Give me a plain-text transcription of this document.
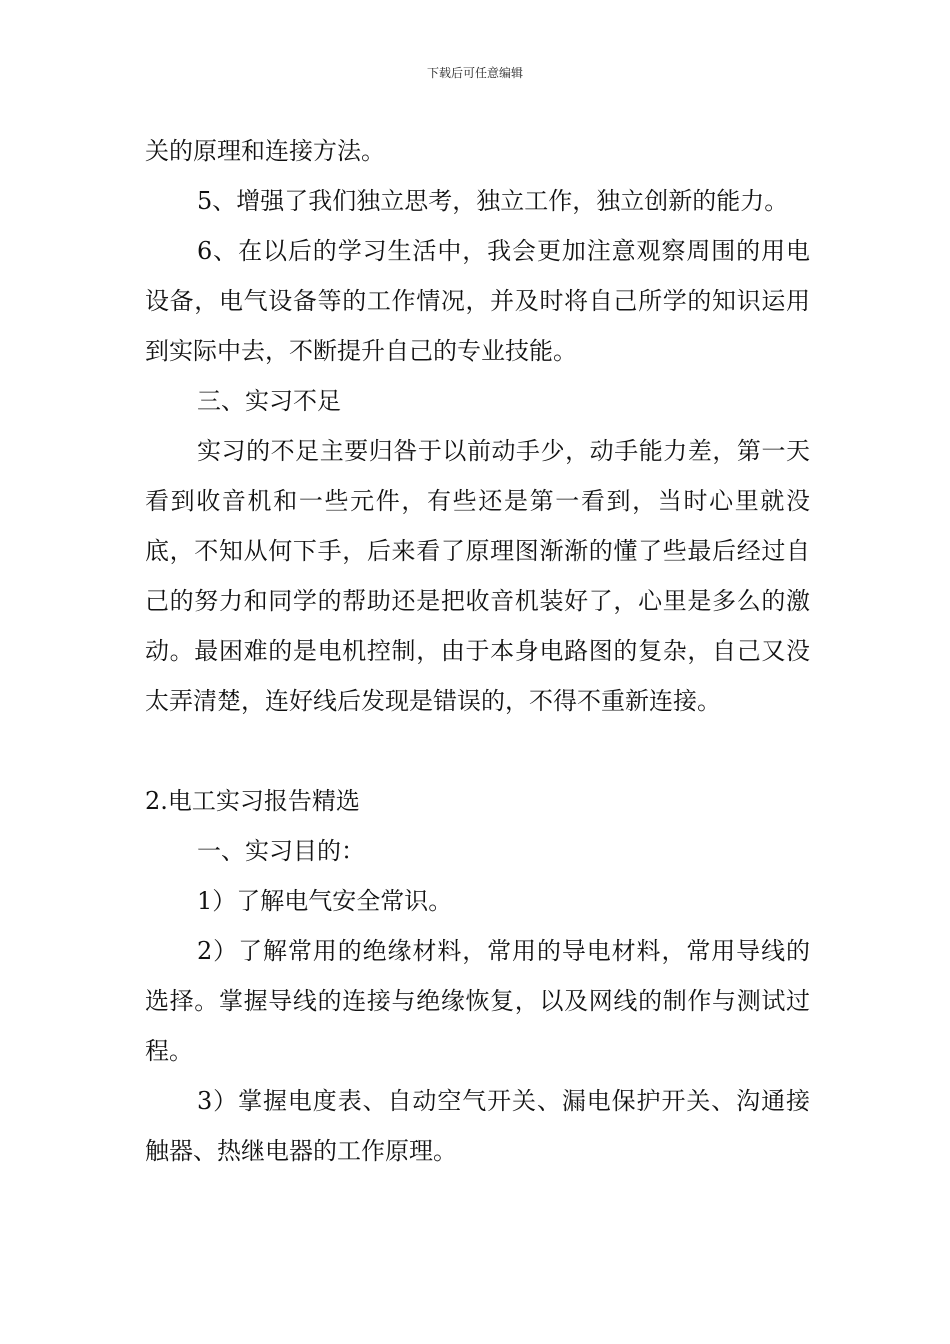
下载后可任意编辑

关的原理和连接方法。

5、增强了我们独立思考，独立工作，独立创新的能力。

6、在以后的学习生活中，我会更加注意观察周围的用电设备，电气设备等的工作情况，并及时将自己所学的知识运用到实际中去，不断提升自己的专业技能。

三、实习不足

实习的不足主要归咎于以前动手少，动手能力差，第一天看到收音机和一些元件，有些还是第一看到，当时心里就没底，不知从何下手，后来看了原理图渐渐的懂了些最后经过自己的努力和同学的帮助还是把收音机装好了，心里是多么的激动。最困难的是电机控制，由于本身电路图的复杂，自己又没太弄清楚，连好线后发现是错误的，不得不重新连接。

2.电工实习报告精选

一、实习目的：

1）了解电气安全常识。

2）了解常用的绝缘材料，常用的导电材料，常用导线的选择。掌握导线的连接与绝缘恢复，以及网线的制作与测试过程。

3）掌握电度表、自动空气开关、漏电保护开关、沟通接触器、热继电器的工作原理。
